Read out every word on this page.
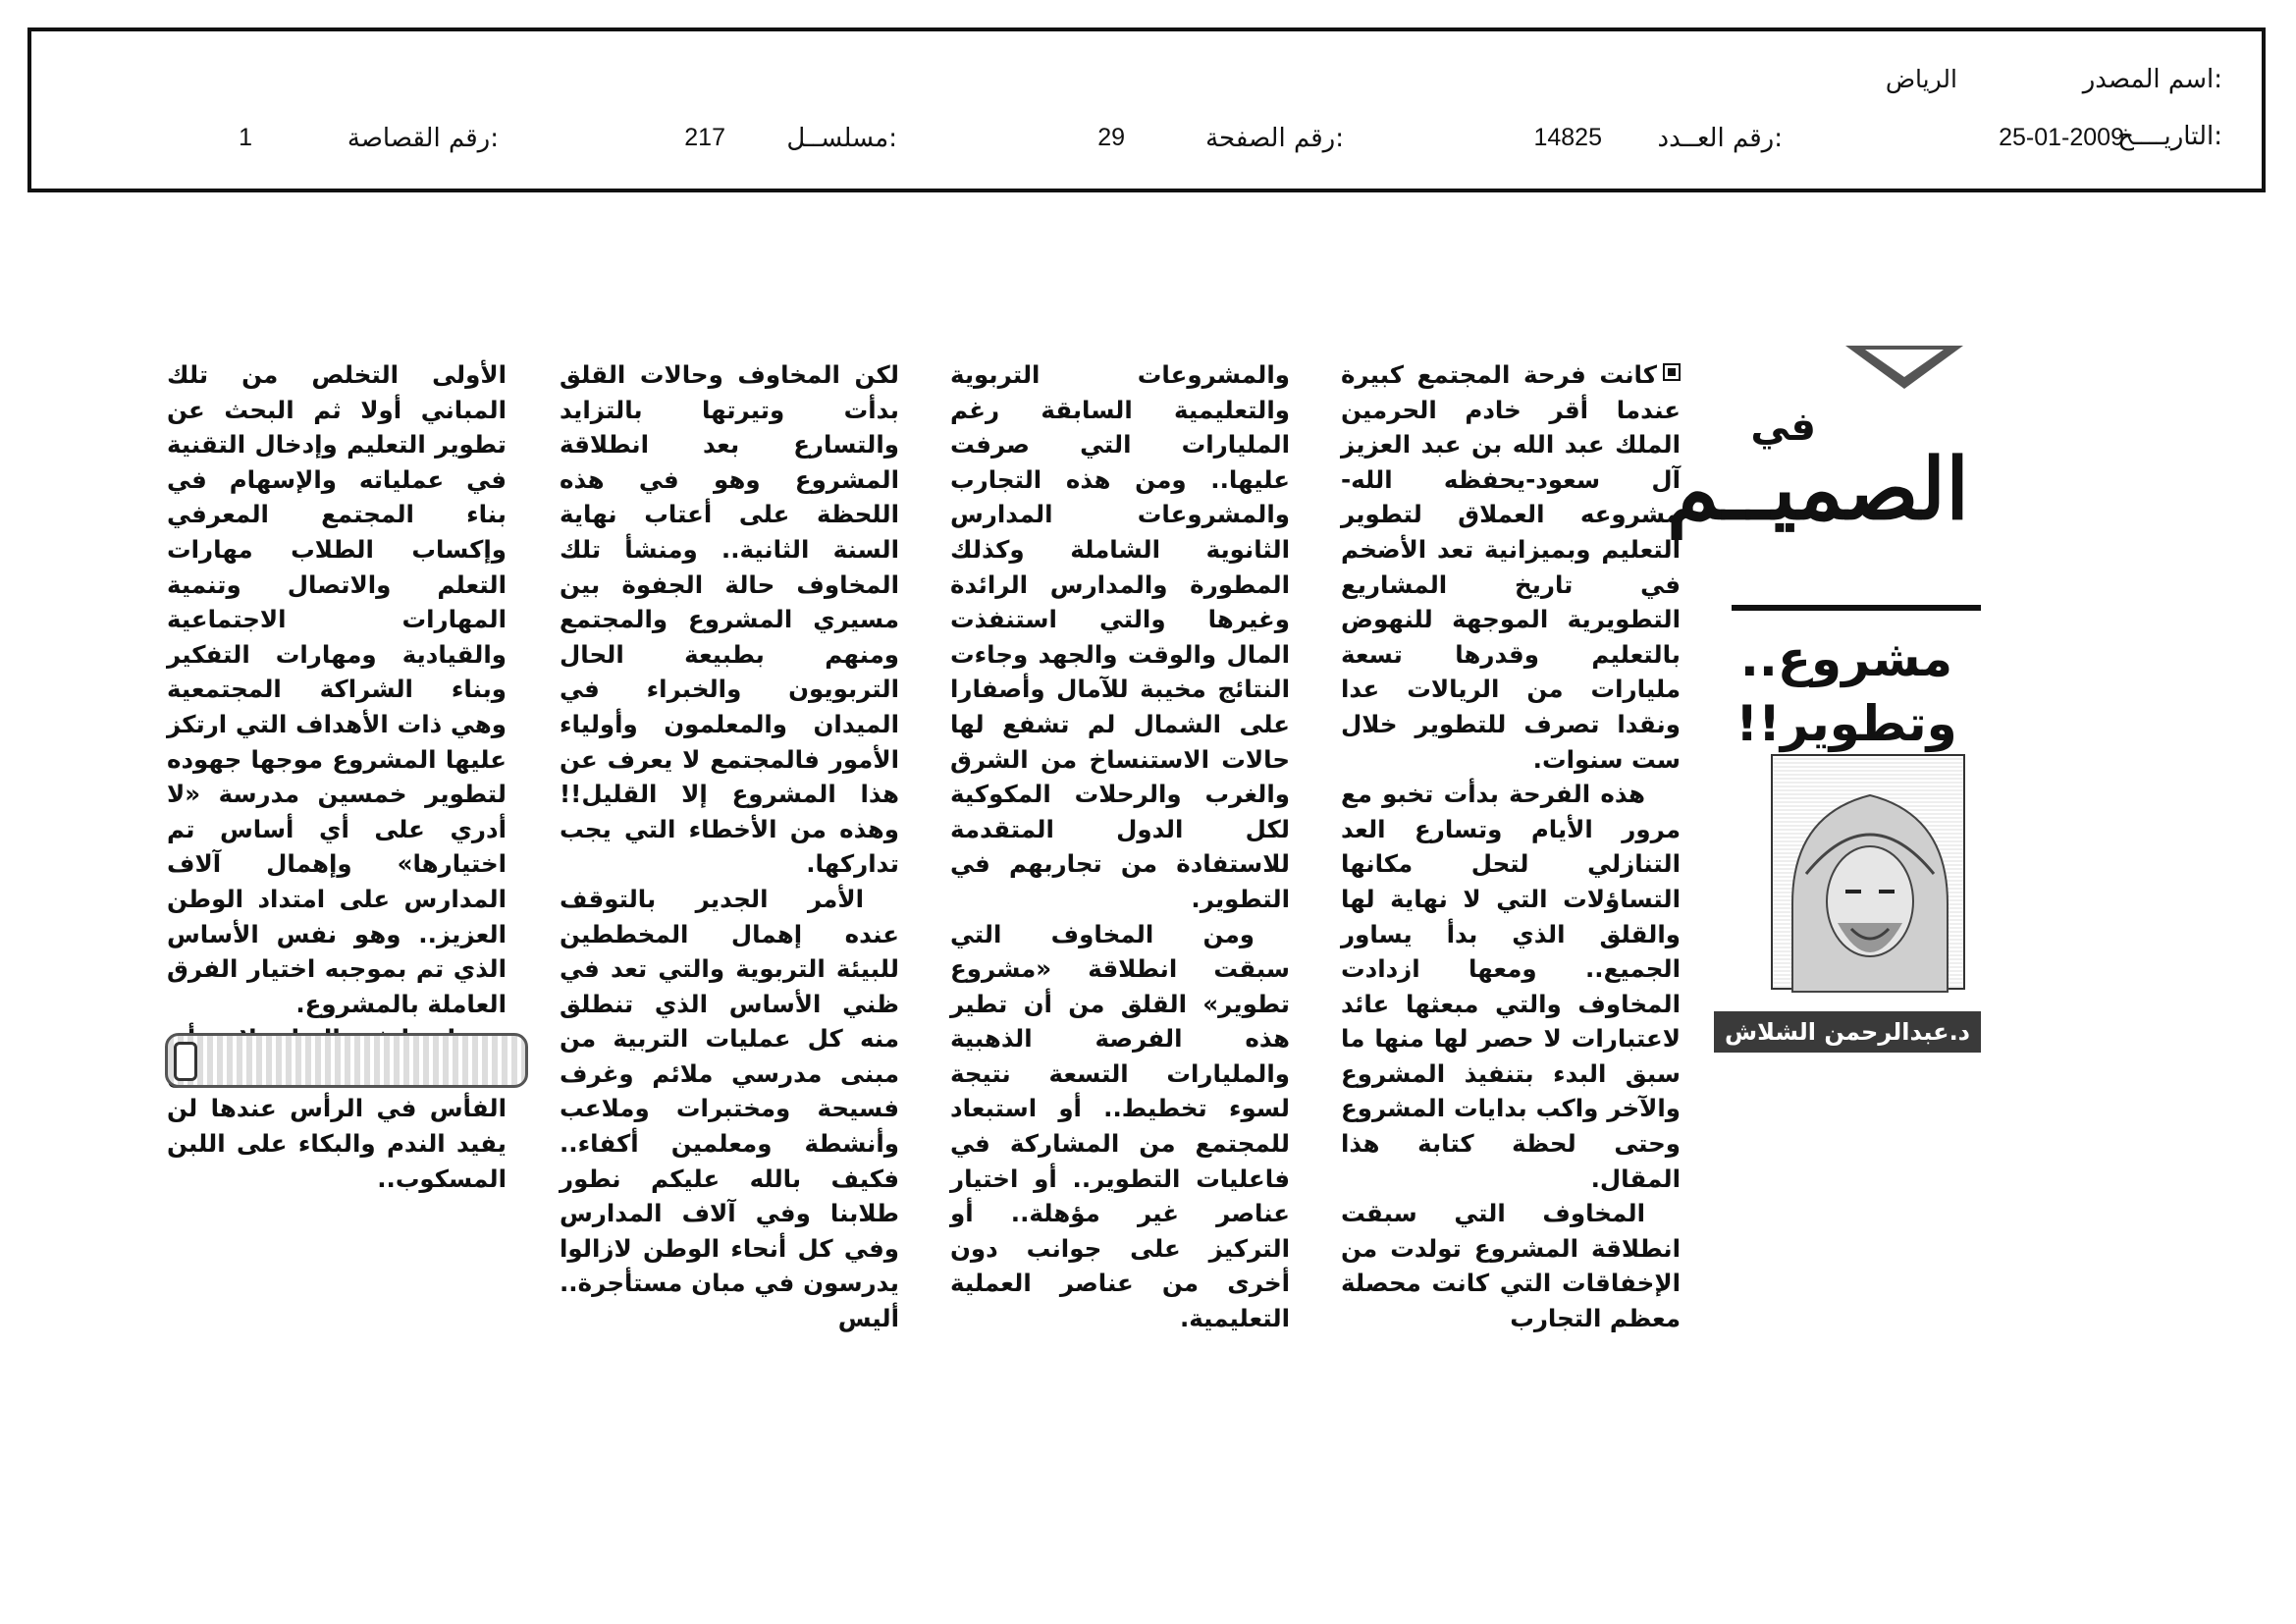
اسم المصدر:
الرياض
التاريــــخ:
25-01-2009
رقم العــدد:
14825
رقم الصفحة:
29
مسلســل:
217
رقم القصاصة:
1
في
الصميــم
مشروع..
وتطوير!!
د.عبدالرحمن الشلاش

كانت فرحة المجتمع كبيرة عندما أقر خادم الحرمين الملك عبد الله بن عبد العزيز آل سعود-يحفظه الله-مشروعه العملاق لتطوير التعليم وبميزانية تعد الأضخم في تاريخ المشاريع التطويرية الموجهة للنهوض بالتعليم وقدرها تسعة مليارات من الريالات عدا ونقدا تصرف للتطوير خلال ست سنوات.

هذه الفرحة بدأت تخبو مع مرور الأيام وتسارع العد التنازلي لتحل مكانها التساؤلات التي لا نهاية لها والقلق الذي بدأ يساور الجميع.. ومعها ازدادت المخاوف والتي مبعثها عائد لاعتبارات لا حصر لها منها ما سبق البدء بتنفيذ المشروع والآخر واكب بدايات المشروع وحتى لحظة كتابة هذا المقال.

المخاوف التي سبقت انطلاقة المشروع تولدت من الإخفاقات التي كانت محصلة معظم التجارب

والمشروعات التربوية والتعليمية السابقة رغم المليارات التي صرفت عليها.. ومن هذه التجارب والمشروعات المدارس الثانوية الشاملة وكذلك المطورة والمدارس الرائدة وغيرها والتي استنفذت المال والوقت والجهد وجاءت النتائج مخيبة للآمال وأصفارا على الشمال لم تشفع لها حالات الاستنساخ من الشرق والغرب والرحلات المكوكية لكل الدول المتقدمة للاستفادة من تجاربهم في التطوير.

ومن المخاوف التي سبقت انطلاقة «مشروع تطوير» القلق من أن تطير هذه الفرصة الذهبية والمليارات التسعة نتيجة لسوء تخطيط.. أو استبعاد للمجتمع من المشاركة في فاعليات التطوير.. أو اختيار عناصر غير مؤهلة.. أو التركيز على جوانب دون أخرى من عناصر العملية التعليمية.

لكن المخاوف وحالات القلق بدأت وتيرتها بالتزايد والتسارع بعد انطلاقة المشروع وهو في هذه اللحظة على أعتاب نهاية السنة الثانية.. ومنشأ تلك المخاوف حالة الجفوة بين مسيري المشروع والمجتمع ومنهم بطبيعة الحال التربويون والخبراء في الميدان والمعلمون وأولياء الأمور فالمجتمع لا يعرف عن هذا المشروع إلا القليل!! وهذه من الأخطاء التي يجب تداركها.

الأمر الجدير بالتوقف عنده إهمال المخططين للبيئة التربوية والتي تعد في ظني الأساس الذي تنطلق منه كل عمليات التربية من مبنى مدرسي ملائم وغرف فسيحة ومختبرات وملاعب وأنشطة ومعلمين أكفاء.. فكيف بالله عليكم نطور طلابنا وفي آلاف المدارس وفي كل أنحاء الوطن لازالوا يدرسون في مبان مستأجرة.. أليس

الأولى التخلص من تلك المباني أولا ثم البحث عن تطوير التعليم وإدخال التقنية في عملياته والإسهام في بناء المجتمع المعرفي وإكساب الطلاب مهارات التعلم والاتصال وتنمية المهارات الاجتماعية والقيادية ومهارات التفكير وبناء الشراكة المجتمعية وهي ذات الأهداف التي ارتكز عليها المشروع موجها جهوده لتطوير خمسين مدرسة «لا أدري على أي أساس تم اختيارها» وإهمال آلاف المدارس على امتداد الوطن العزيز.. وهو نفس الأساس الذي تم بموجبه اختيار الفرق العاملة بالمشروع.

الفأس في الرأس عندها لن يفيد الندم والبكاء على اللبن المسكوب..
